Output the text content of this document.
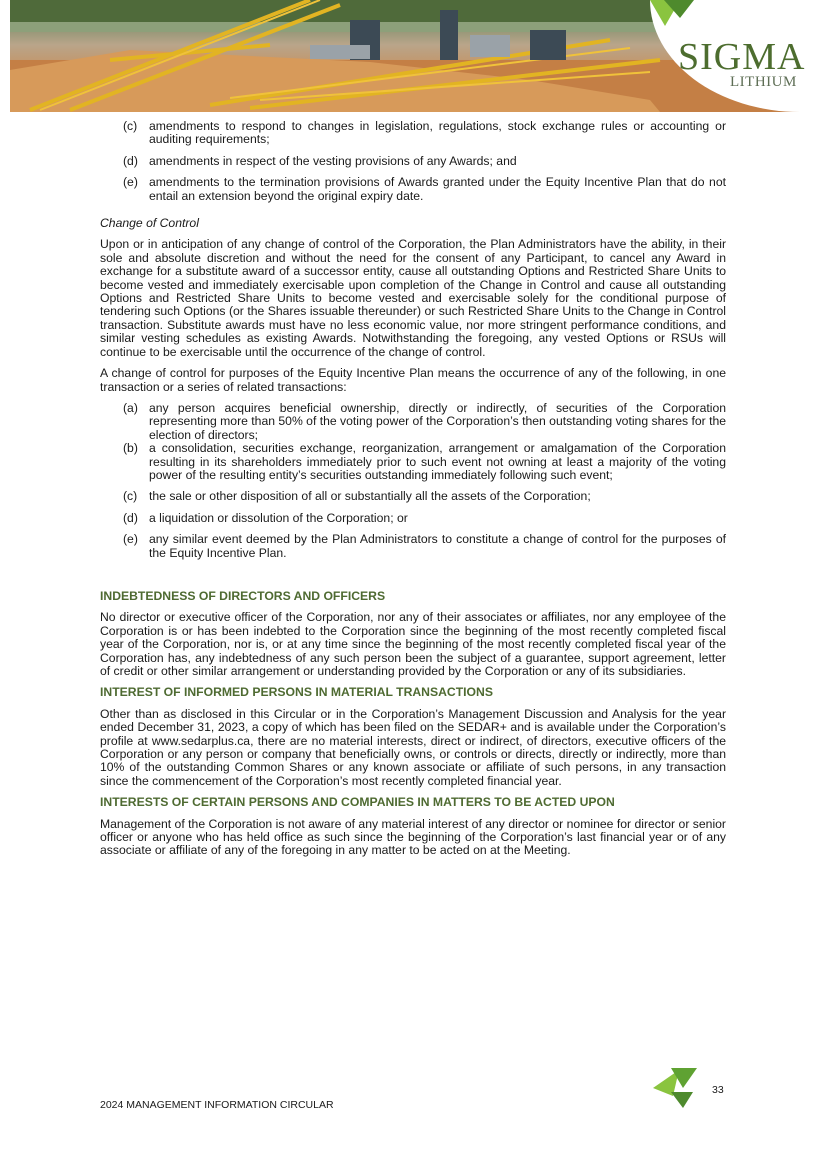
SIGMA
LITHIUM
(c) amendments to respond to changes in legislation, regulations, stock exchange rules or accounting or auditing requirements;
(d) amendments in respect of the vesting provisions of any Awards; and
(e) amendments to the termination provisions of Awards granted under the Equity Incentive Plan that do not entail an extension beyond the original expiry date.
Change of Control

Upon or in anticipation of any change of control of the Corporation, the Plan Administrators have the ability, in their sole and absolute discretion and without the need for the consent of any Participant, to cancel any Award in exchange for a substitute award of a successor entity, cause all outstanding Options and Restricted Share Units to become vested and immediately exercisable upon completion of the Change in Control and cause all outstanding Options and Restricted Share Units to become vested and exercisable solely for the conditional purpose of tendering such Options (or the Shares issuable thereunder) or such Restricted Share Units to the Change in Control transaction. Substitute awards must have no less economic value, nor more stringent performance conditions, and similar vesting schedules as existing Awards. Notwithstanding the foregoing, any vested Options or RSUs will continue to be exercisable until the occurrence of the change of control.

A change of control for purposes of the Equity Incentive Plan means the occurrence of any of the following, in one transaction or a series of related transactions:

(a) any person acquires beneficial ownership, directly or indirectly, of securities of the Corporation representing more than 50% of the voting power of the Corporation’s then outstanding voting shares for the election of directors;
(b) a consolidation, securities exchange, reorganization, arrangement or amalgamation of the Corporation resulting in its shareholders immediately prior to such event not owning at least a majority of the voting power of the resulting entity’s securities outstanding immediately following such event;
(c) the sale or other disposition of all or substantially all the assets of the Corporation;
(d) a liquidation or dissolution of the Corporation; or
(e) any similar event deemed by the Plan Administrators to constitute a change of control for the purposes of the Equity Incentive Plan.
INDEBTEDNESS OF DIRECTORS AND OFFICERS

No director or executive officer of the Corporation, nor any of their associates or affiliates, nor any employee of the Corporation is or has been indebted to the Corporation since the beginning of the most recently completed fiscal year of the Corporation, nor is, or at any time since the beginning of the most recently completed fiscal year of the Corporation has, any indebtedness of any such person been the subject of a guarantee, support agreement, letter of credit or other similar arrangement or understanding provided by the Corporation or any of its subsidiaries.

INTEREST OF INFORMED PERSONS IN MATERIAL TRANSACTIONS

Other than as disclosed in this Circular or in the Corporation’s Management Discussion and Analysis for the year ended December 31, 2023, a copy of which has been filed on the SEDAR+ and is available under the Corporation’s profile at www.sedarplus.ca, there are no material interests, direct or indirect, of directors, executive officers of the Corporation or any person or company that beneficially owns, or controls or directs, directly or indirectly, more than 10% of the outstanding Common Shares or any known associate or affiliate of such persons, in any transaction since the commencement of the Corporation’s most recently completed financial year.

INTERESTS OF CERTAIN PERSONS AND COMPANIES IN MATTERS TO BE ACTED UPON

Management of the Corporation is not aware of any material interest of any director or nominee for director or senior officer or anyone who has held office as such since the beginning of the Corporation’s last financial year or of any associate or affiliate of any of the foregoing in any matter to be acted on at the Meeting.

33
2024 MANAGEMENT INFORMATION CIRCULAR
